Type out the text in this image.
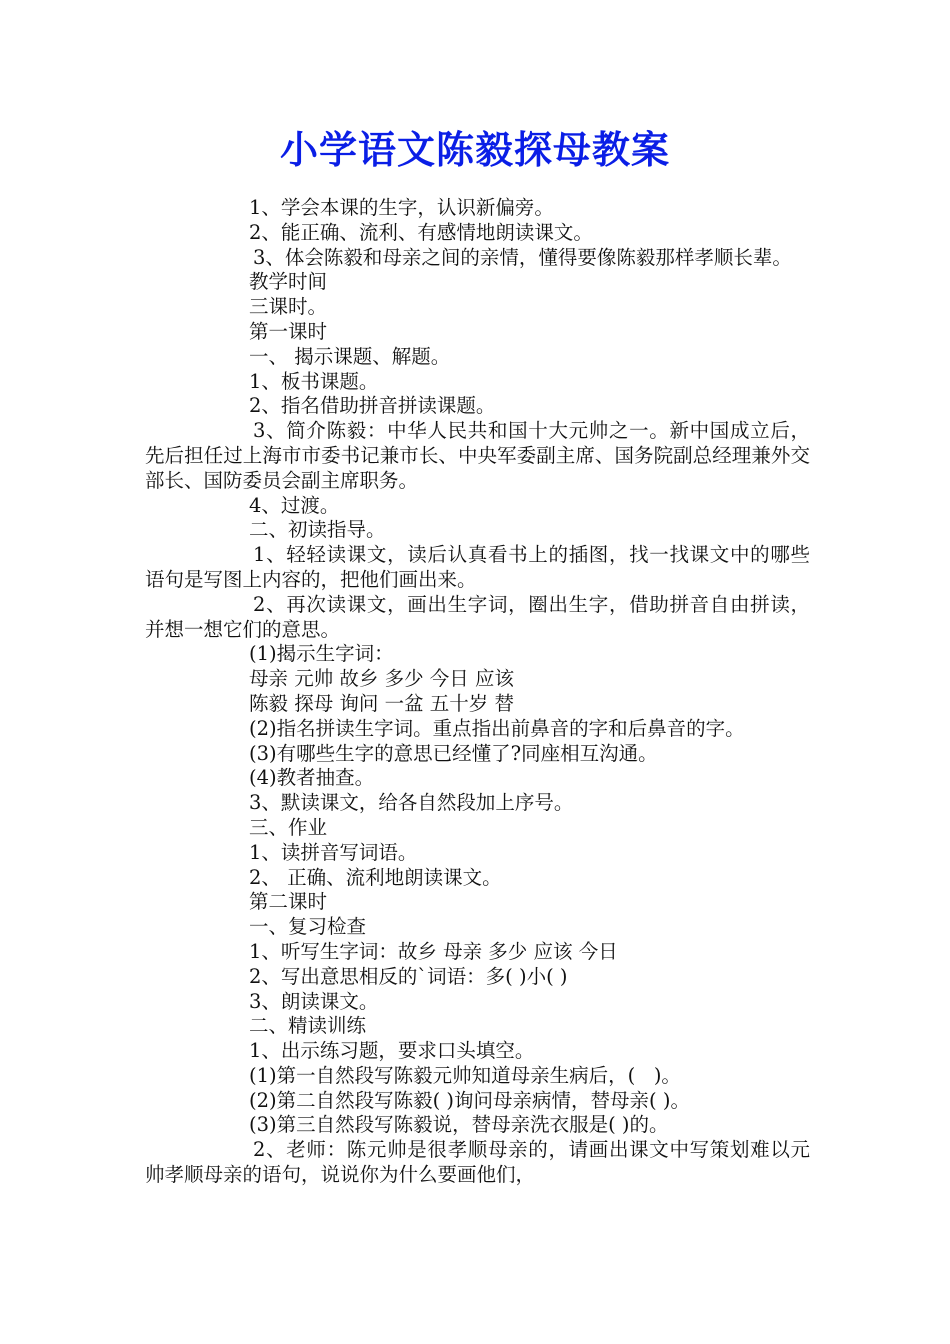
小学语文陈毅探母教案

1、学会本课的生字，认识新偏旁。

2、能正确、流利、有感情地朗读课文。

3、体会陈毅和母亲之间的亲情，懂得要像陈毅那样孝顺长辈。

教学时间

三课时。

第一课时

一、 揭示课题、解题。

1、板书课题。

2、指名借助拼音拼读课题。

3、简介陈毅：中华人民共和国十大元帅之一。新中国成立后，先后担任过上海市市委书记兼市长、中央军委副主席、国务院副总经理兼外交部长、国防委员会副主席职务。

4、过渡。

二、初读指导。

1、轻轻读课文，读后认真看书上的插图，找一找课文中的哪些语句是写图上内容的，把他们画出来。

2、再次读课文，画出生字词，圈出生字，借助拼音自由拼读，并想一想它们的意思。

(1)揭示生字词：

母亲 元帅 故乡 多少 今日 应该

陈毅 探母 询问 一盆 五十岁 替

(2)指名拼读生字词。重点指出前鼻音的字和后鼻音的字。

(3)有哪些生字的意思已经懂了?同座相互沟通。

(4)教者抽查。

3、默读课文，给各自然段加上序号。

三、作业

1、读拼音写词语。

2、 正确、流利地朗读课文。

第二课时

一、复习检查

1、听写生字词：故乡 母亲 多少 应该 今日

2、写出意思相反的`词语：多( )小( )

3、朗读课文。

二、精读训练

1、出示练习题，要求口头填空。

(1)第一自然段写陈毅元帅知道母亲生病后，(   )。

(2)第二自然段写陈毅( )询问母亲病情，替母亲( )。

(3)第三自然段写陈毅说，替母亲洗衣服是( )的。

2、老师：陈元帅是很孝顺母亲的，请画出课文中写策划难以元帅孝顺母亲的语句，说说你为什么要画他们，
